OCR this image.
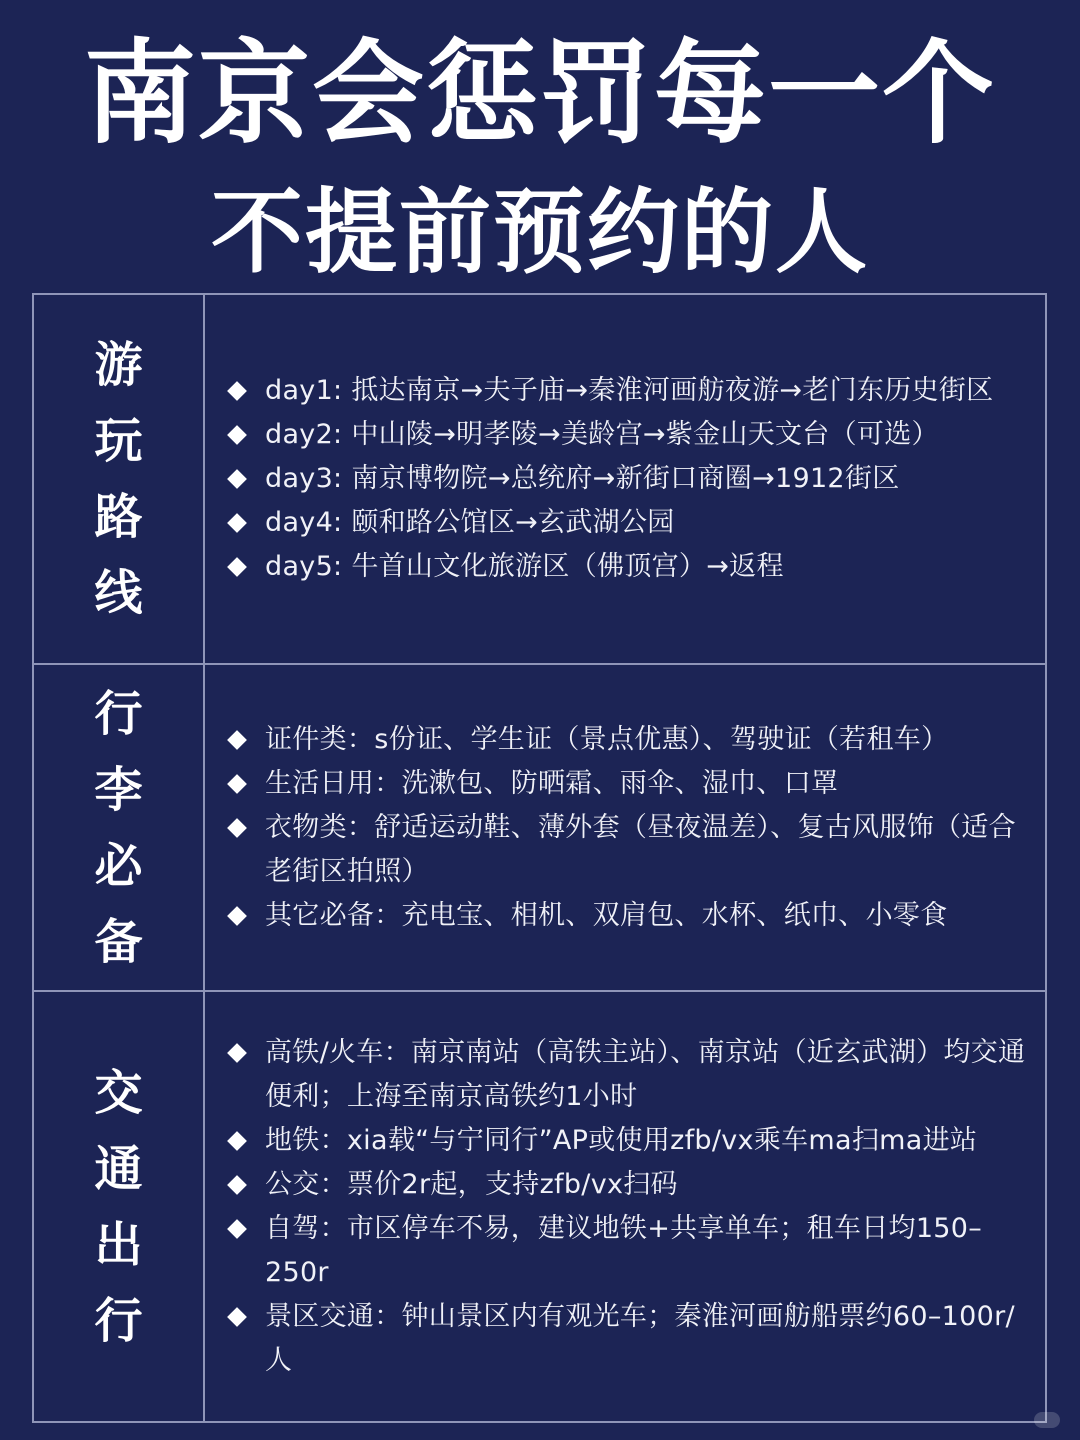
南京会惩罚每一个
不提前预约的人
游
玩
路
线
day1: 抵达南京→夫子庙→秦淮河画舫夜游→老门东历史街区
day2: 中山陵→明孝陵→美龄宫→紫金山天文台（可选）
day3: 南京博物院→总统府→新街口商圈→1912街区
day4: 颐和路公馆区→玄武湖公园
day5: 牛首山文化旅游区（佛顶宫）→返程
行
李
必
备
证件类：s份证、学生证（景点优惠）、驾驶证（若租车）
生活日用：洗漱包、防晒霜、雨伞、湿巾、口罩
衣物类：舒适运动鞋、薄外套（昼夜温差）、复古风服饰（适合老街区拍照）
其它必备：充电宝、相机、双肩包、水杯、纸巾、小零食
交
通
出
行
高铁/火车：南京南站（高铁主站）、南京站（近玄武湖）均交通便利；上海至南京高铁约1小时
地铁：xia载“与宁同行”AP或使用zfb/vx乘车ma扫ma进站
公交：票价2r起，支持zfb/vx扫码
自驾：市区停车不易，建议地铁+共享单车；租车日均150–250r
景区交通：钟山景区内有观光车；秦淮河画舫船票约60–100r/人
